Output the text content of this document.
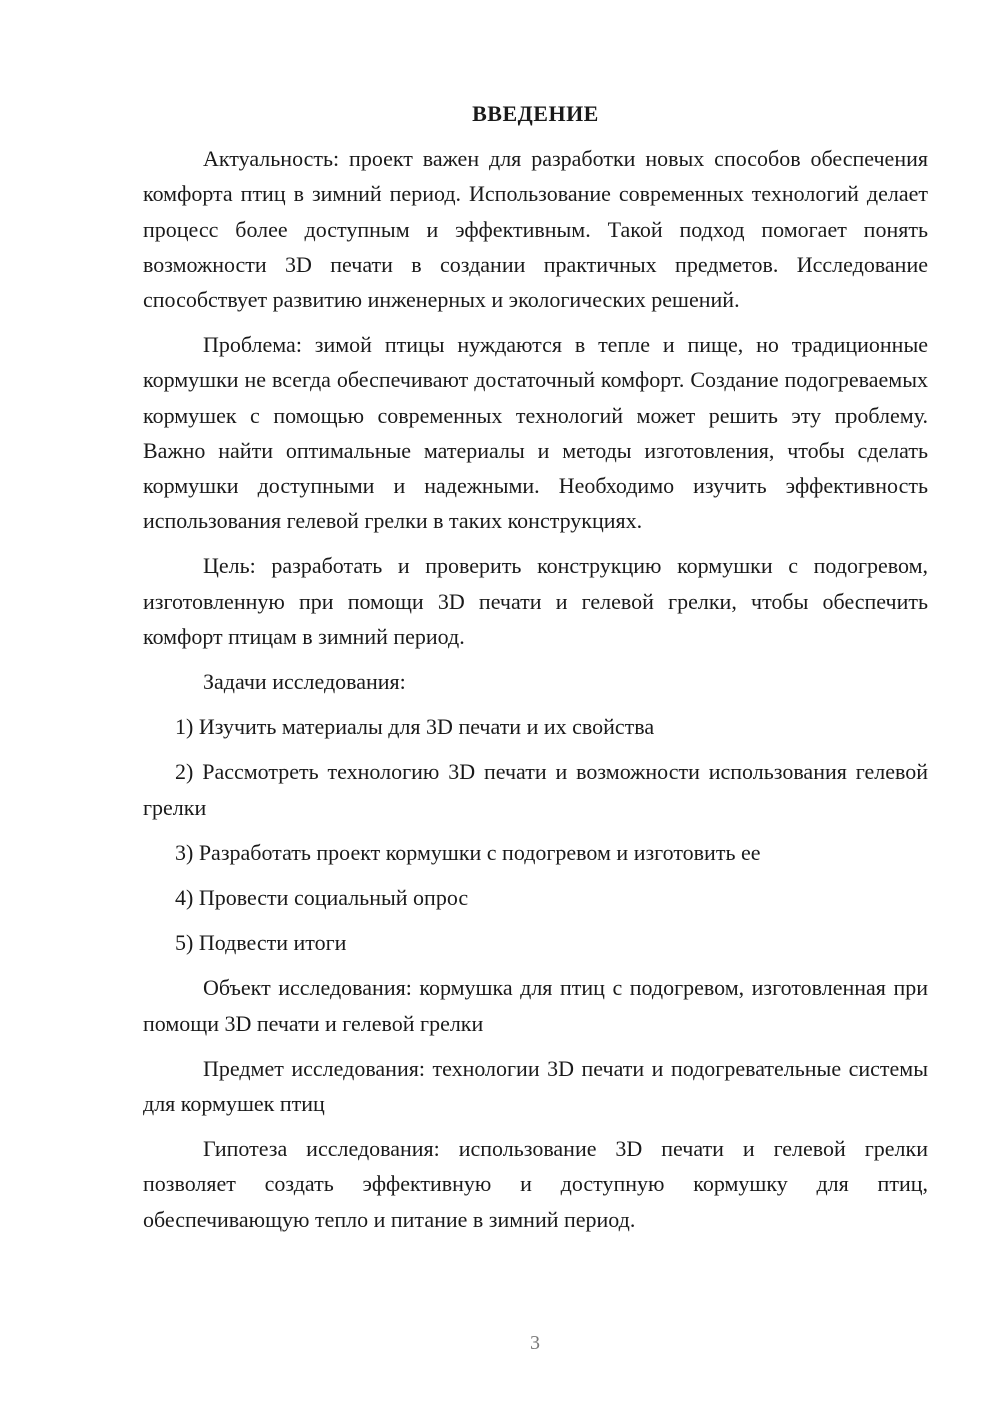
ВВЕДЕНИЕ

Актуальность: проект важен для разработки новых способов обеспечения комфорта птиц в зимний период. Использование современных технологий делает процесс более доступным и эффективным. Такой подход помогает понять возможности 3D печати в создании практичных предметов. Исследование способствует развитию инженерных и экологических решений.

Проблема: зимой птицы нуждаются в тепле и пище, но традиционные кормушки не всегда обеспечивают достаточный комфорт. Создание подогреваемых кормушек с помощью современных технологий может решить эту проблему. Важно найти оптимальные материалы и методы изготовления, чтобы сделать кормушки доступными и надежными. Необходимо изучить эффективность использования гелевой грелки в таких конструкциях.

Цель: разработать и проверить конструкцию кормушки с подогревом, изготовленную при помощи 3D печати и гелевой грелки, чтобы обеспечить комфорт птицам в зимний период.

Задачи исследования:

1) Изучить материалы для 3D печати и их свойства

2) Рассмотреть технологию 3D печати и возможности использования гелевой грелки

3) Разработать проект кормушки с подогревом и изготовить ее

4) Провести социальный опрос

5) Подвести итоги

Объект исследования: кормушка для птиц с подогревом, изготовленная при помощи 3D печати и гелевой грелки

Предмет исследования: технологии 3D печати и подогревательные системы для кормушек птиц

Гипотеза исследования: использование 3D печати и гелевой грелки позволяет создать эффективную и доступную кормушку для птиц, обеспечивающую тепло и питание в зимний период.

3
